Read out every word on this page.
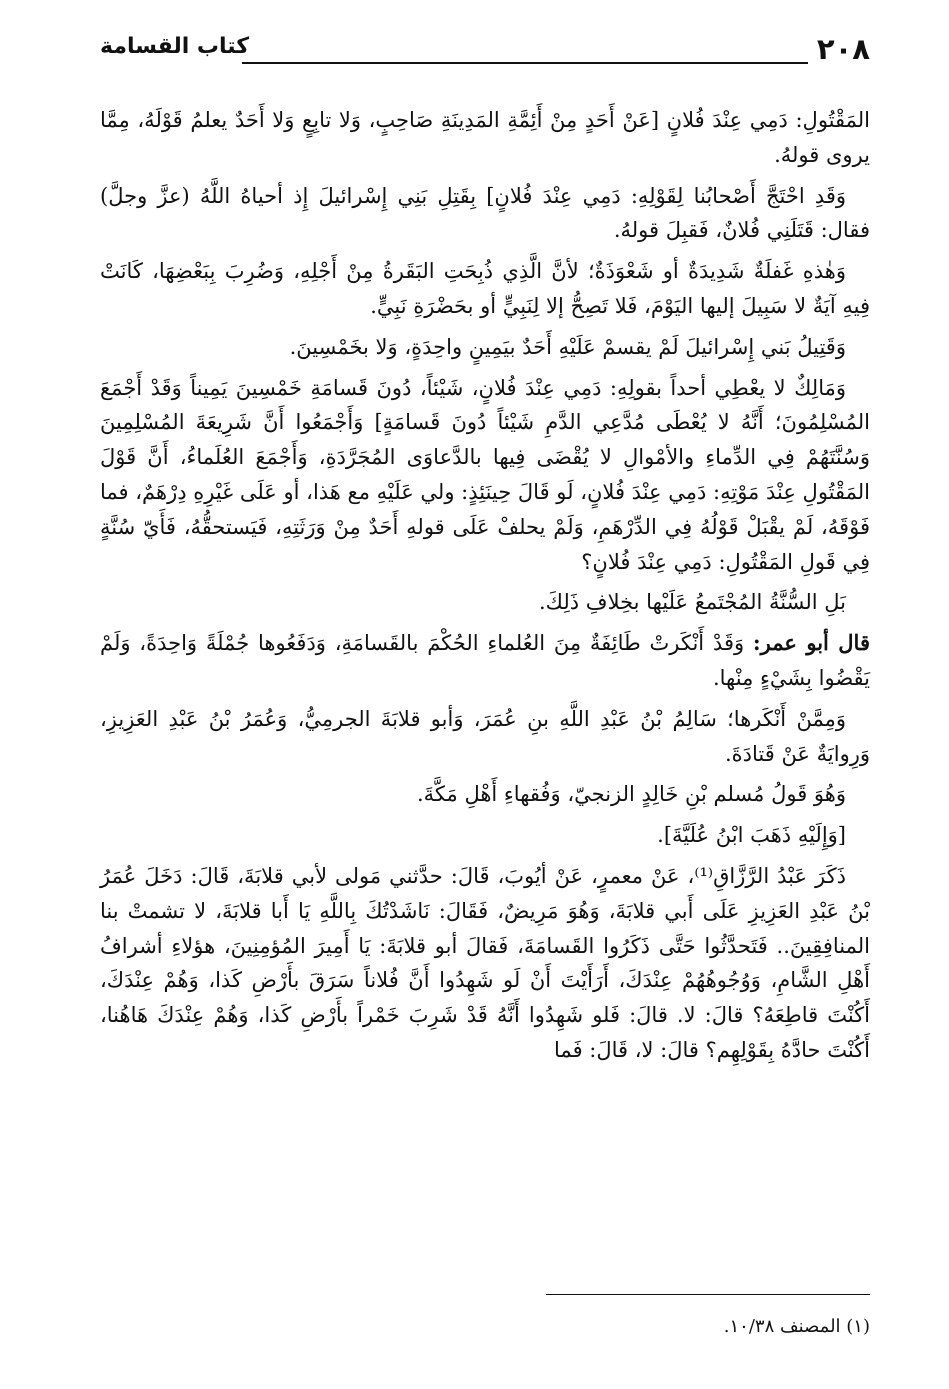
٢٠٨
كتاب القسامة

المَقْتُولِ: دَمِي عِنْدَ فُلانٍ [عَنْ أَحَدٍ مِنْ أَئِمَّةِ المَدِينَةِ صَاحِبٍ، وَلا تابِعٍ وَلا أَحَدٌ يعلمُ قَوْلَهُ، مِمَّا يروى قولهُ.

وَقَدِ احْتَجَّ أَصْحابُنا لِقَوْلِهِ: دَمِي عِنْدَ فُلانٍ] بِقَتِلِ بَنِي إِسْرائيلَ إِذ أحياهُ اللَّهُ (عزَّ وجلَّ) فقال: قَتَلَنِي فُلانٌ، فَقبِلَ قولهُ.

وَهٰذهِ غَفلَةٌ شَدِيدَةٌ أو شَعْوَذَةٌ؛ لأنَّ الَّذِي ذُبِحَتِ البَقَرةُ مِنْ أَجْلِهِ، وَضُرِبَ بِبَعْضِهَا، كَانَتْ فِيهِ آيَةٌ لا سَبِيلَ إليها اليَوْمَ، فَلا تَصِحُّ إلا لِنَبِيٍّ أو بحَضْرَةِ نَبِيٍّ.

وَقَتِيلُ بَني إِسْرائيلَ لَمْ يقسمْ عَلَيْهِ أَحَدٌ بيَمِينٍ واحِدَةٍ، وَلا بخَمْسِينَ.

وَمَالِكٌ لا يعْطِي أحداً بقولِهِ: دَمِي عِنْدَ فُلانٍ، شَيْئاً، دُونَ قَسامَةِ خَمْسِينَ يَمِيناً وَقَدْ أَجْمَعَ المُسْلِمُونَ؛ أَنَّهُ لا يُعْطَى مُدَّعِي الدَّمِ شَيْئاً دُونَ قَسامَةٍ] وَأَجْمَعُوا أَنَّ شَرِيعَةَ المُسْلِمِينَ وَسُنَّتَهُمْ فِي الدِّماءِ والأمْوالِ لا يُقْضَى فِيها بالدَّعاوَى المُجَرَّدَةِ، وَأَجْمَعَ العُلَماءُ، أَنَّ قَوْلَ المَقْتُولِ عِنْدَ مَوْتِهِ: دَمِي عِنْدَ فُلانٍ، لَو قَالَ حِينَئِذٍ: ولي عَلَيْهِ مع هَذا، أو عَلَى غَيْرِهِ دِرْهَمٌ، فما فَوْقَهُ، لَمْ يقْبَلْ قَوْلُهُ فِي الدِّرْهَمِ، وَلَمْ يحلفْ عَلَى قولهِ أَحَدٌ مِنْ وَرَثَتِهِ، فَيَستحقُّهُ، فَأَيّ سُنَّةٍ فِي قَولِ المَقْتُولِ: دَمِي عِنْدَ فُلانٍ؟

بَلِ السُّنَّةُ المُجْتَمعُ عَلَيْها بخِلافِ ذَلِكَ.

قال أبو عمر: وَقَدْ أَنْكَرتْ طَائِفَةٌ مِنَ العُلماءِ الحُكْمَ بالقَسامَةِ، وَدَفَعُوها جُمْلَةً وَاحِدَةً، وَلَمْ يَقْضُوا بِشَيْءٍ مِنْها.

وَمِمَّنْ أَنْكَرها؛ سَالِمُ بْنُ عَبْدِ اللَّهِ بنِ عُمَرَ، وَأبو قلابَةَ الجرمِيُّ، وَعُمَرُ بْنُ عَبْدِ العَزِيزِ، وَرِوايَةٌ عَنْ قَتادَةَ.

وَهُوَ قَولُ مُسلم بْنِ خَالِدٍ الزنجيّ، وَفُقهاءِ أَهْلِ مَكَّةَ.

[وَإِلَيْهِ ذَهَبَ ابْنُ عُلَيَّةَ].

ذَكَرَ عَبْدُ الرَّزَّاقِ⁽¹⁾، عَنْ معمرٍ، عَنْ أيُوبَ، قَالَ: حدَّثني مَولى لأبي قلابَةَ، قَالَ: دَخَلَ عُمَرُ بْنُ عَبْدِ العَزِيزِ عَلَى أَبي قلابَةَ، وَهُوَ مَرِيضٌ، فَقَالَ: نَاشَدْتُكَ بِاللَّهِ يَا أَبا قلابَةَ، لا تشمتْ بنا المنافِقِينَ.. فَتَحدَّثُوا حَتَّى ذَكَرُوا القَسامَةَ، فَقالَ أبو قلابَةَ: يَا أَمِيرَ المُؤمِنِينَ، هؤلاءِ أشرافُ أَهْلِ الشَّامِ، وَوُجُوهُهُمْ عِنْدَكَ، أَرَأَيْتَ أَنْ لَو شَهِدُوا أَنَّ فُلاناً سَرَقَ بأَرْضِ كَذا، وَهُمْ عِنْدَكَ، أَكُنْتَ قاطِعَهُ؟ قالَ: لا. قالَ: فَلو شَهِدُوا أَنَّهُ قَدْ شَرِبَ خَمْراً بأَرْضِ كَذا، وَهُمْ عِنْدَكَ هَاهُنا، أَكُنْتَ حادَّهُ بِقَوْلِهِم؟ قالَ: لا، قَالَ: فَما

(١) المصنف ١٠/٣٨.
